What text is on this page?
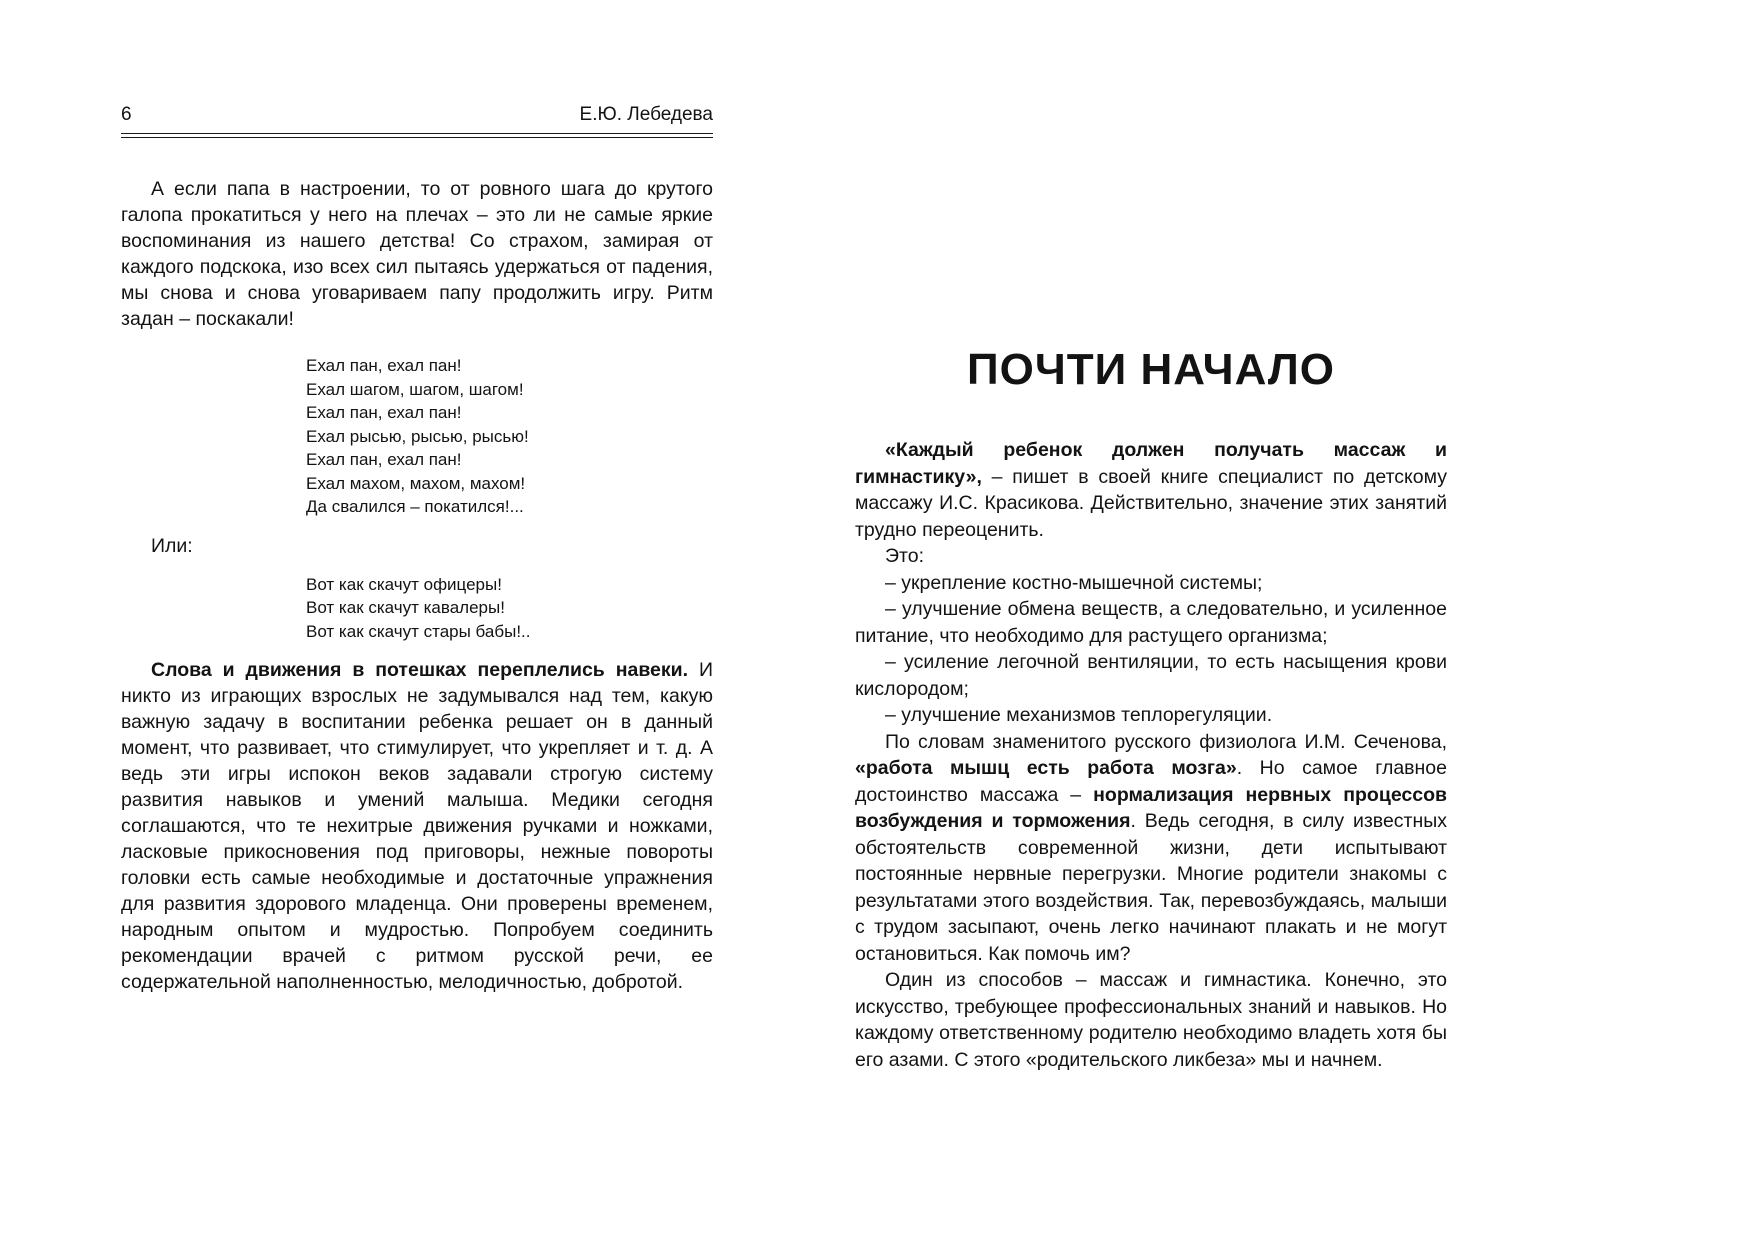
6	Е.Ю. Лебедева

А если папа в настроении, то от ровного шага до крутого галопа прокатиться у него на плечах – это ли не самые яркие воспоминания из нашего детства! Со страхом, замирая от каждого подскока, изо всех сил пытаясь удержаться от падения, мы снова и снова уговариваем папу продолжить игру. Ритм задан – поскакали!

Ехал пан, ехал пан!
Ехал шагом, шагом, шагом!
Ехал пан, ехал пан!
Ехал рысью, рысью, рысью!
Ехал пан, ехал пан!
Ехал махом, махом, махом!
Да свалился – покатился!...

Или:

Вот как скачут офицеры!
Вот как скачут кавалеры!
Вот как скачут стары бабы!..

Слова и движения в потешках переплелись навеки. И никто из играющих взрослых не задумывался над тем, какую важную задачу в воспитании ребенка решает он в данный момент, что развивает, что стимулирует, что укрепляет и т. д. А ведь эти игры испокон веков задавали строгую систему развития навыков и умений малыша. Медики сегодня соглашаются, что те нехитрые движения ручками и ножками, ласковые прикосновения под приговоры, нежные повороты головки есть самые необходимые и достаточные упражнения для развития здорового младенца. Они проверены временем, народным опытом и мудростью. Попробуем соединить рекомендации врачей с ритмом русской речи, ее содержательной наполненностью, мелодичностью, добротой.

ПОЧТИ НАЧАЛО

«Каждый ребенок должен получать массаж и гимнастику», – пишет в своей книге специалист по детскому массажу И.С. Красикова. Действительно, значение этих занятий трудно переоценить.

Это:

– укрепление костно-мышечной системы;

– улучшение обмена веществ, а следовательно, и усиленное питание, что необходимо для растущего организма;

– усиление легочной вентиляции, то есть насыщения крови кислородом;

– улучшение механизмов теплорегуляции.

По словам знаменитого русского физиолога И.М. Сеченова, «работа мышц есть работа мозга». Но самое главное достоинство массажа – нормализация нервных процессов возбуждения и торможения. Ведь сегодня, в силу известных обстоятельств современной жизни, дети испытывают постоянные нервные перегрузки. Многие родители знакомы с результатами этого воздействия. Так, перевозбуждаясь, малыши с трудом засыпают, очень легко начинают плакать и не могут остановиться. Как помочь им?

Один из способов – массаж и гимнастика. Конечно, это искусство, требующее профессиональных знаний и навыков. Но каждому ответственному родителю необходимо владеть хотя бы его азами. С этого «родительского ликбеза» мы и начнем.
